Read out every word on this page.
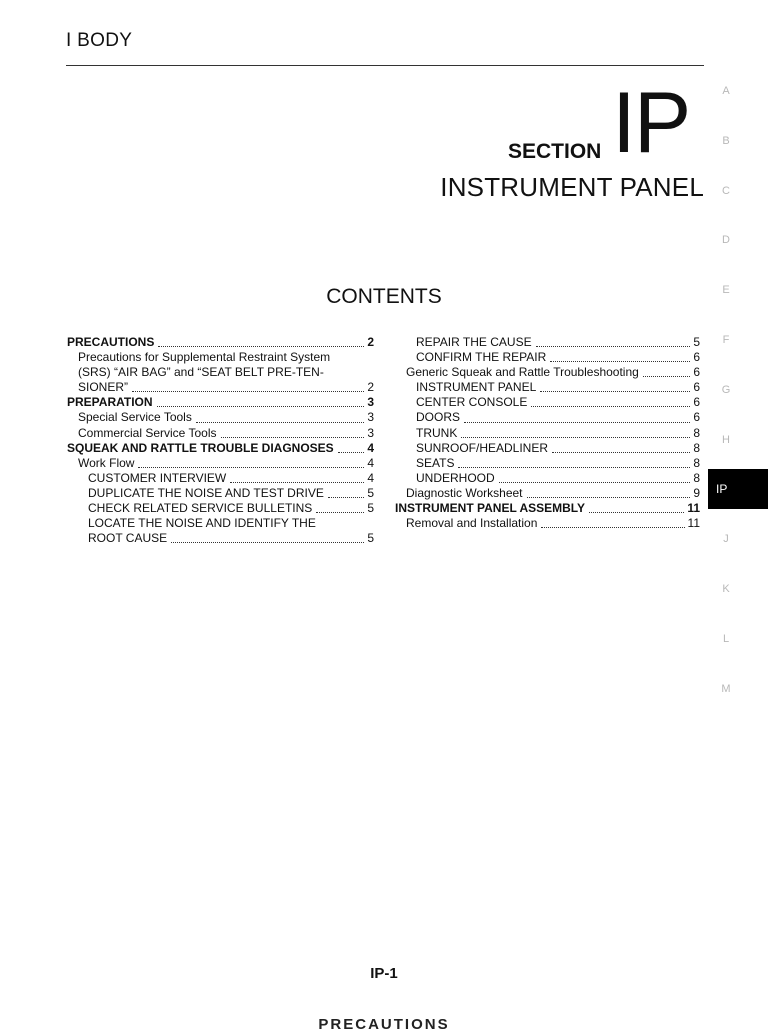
I BODY
SECTION IP
INSTRUMENT PANEL
CONTENTS
PRECAUTIONS	2
Precautions for Supplemental Restraint System
(SRS) “AIR BAG” and “SEAT BELT PRE-TEN-
SIONER”	2
PREPARATION	3
Special Service Tools	3
Commercial Service Tools	3
SQUEAK AND RATTLE TROUBLE DIAGNOSES	4
Work Flow	4
CUSTOMER INTERVIEW	4
DUPLICATE THE NOISE AND TEST DRIVE	5
CHECK RELATED SERVICE BULLETINS	5
LOCATE THE NOISE AND IDENTIFY THE
ROOT CAUSE	5
REPAIR THE CAUSE	5
CONFIRM THE REPAIR	6
Generic Squeak and Rattle Troubleshooting	6
INSTRUMENT PANEL	6
CENTER CONSOLE	6
DOORS	6
TRUNK	8
SUNROOF/HEADLINER	8
SEATS	8
UNDERHOOD	8
Diagnostic Worksheet	9
INSTRUMENT PANEL ASSEMBLY	11
Removal and Installation	11
A
B
C
D
E
F
G
H
J
K
L
M
IP
IP-1
PRECAUTIONS
